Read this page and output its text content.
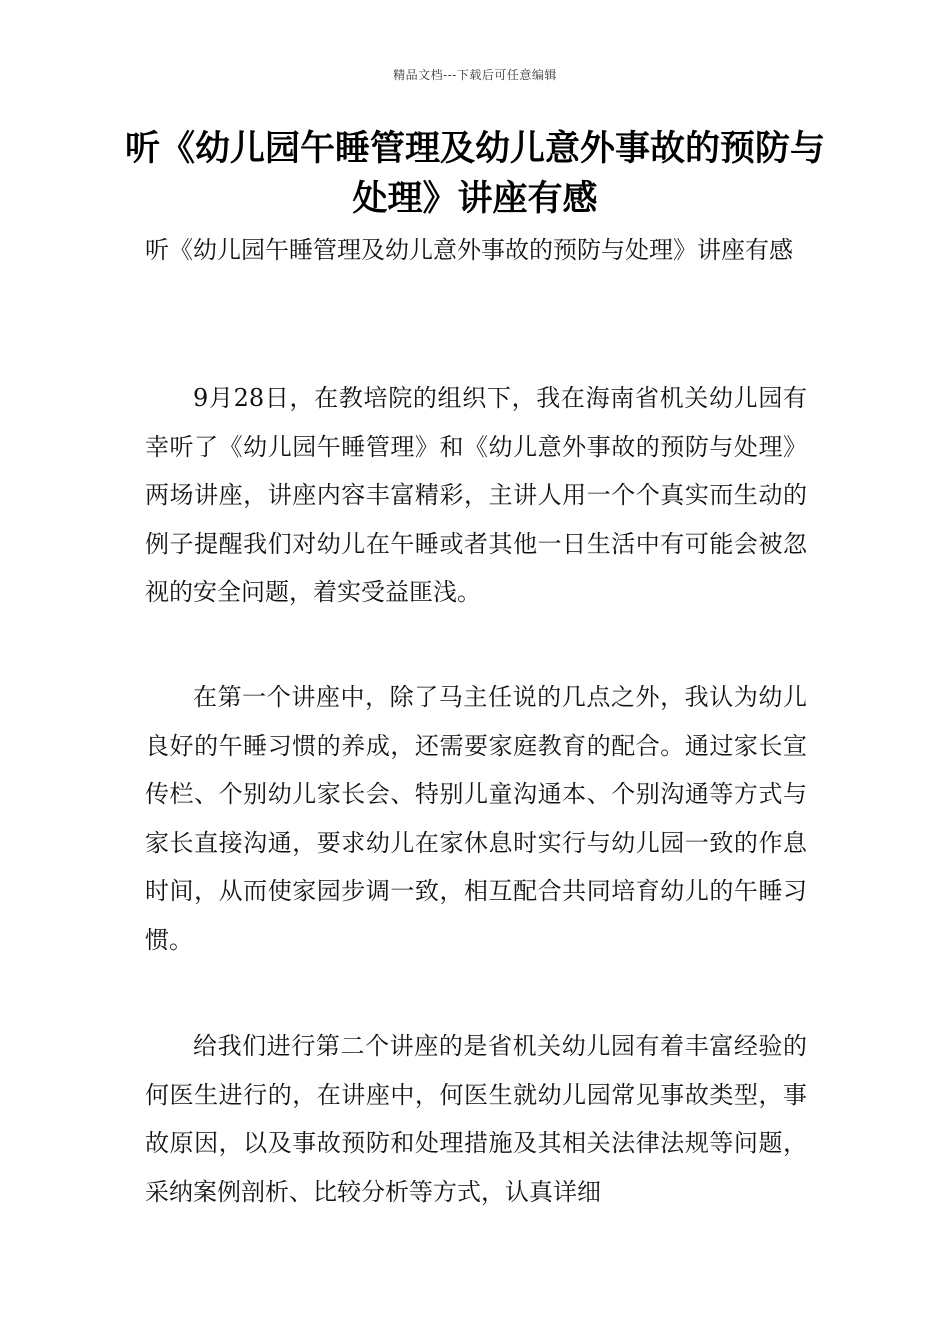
精品文档---下载后可任意编辑
听《幼儿园午睡管理及幼儿意外事故的预防与处理》讲座有感

听《幼儿园午睡管理及幼儿意外事故的预防与处理》讲座有感

9月28日，在教培院的组织下，我在海南省机关幼儿园有幸听了《幼儿园午睡管理》和《幼儿意外事故的预防与处理》两场讲座，讲座内容丰富精彩，主讲人用一个个真实而生动的例子提醒我们对幼儿在午睡或者其他一日生活中有可能会被忽视的安全问题，着实受益匪浅。

在第一个讲座中，除了马主任说的几点之外，我认为幼儿良好的午睡习惯的养成，还需要家庭教育的配合。通过家长宣传栏、个别幼儿家长会、特别儿童沟通本、个别沟通等方式与家长直接沟通，要求幼儿在家休息时实行与幼儿园一致的作息时间，从而使家园步调一致，相互配合共同培育幼儿的午睡习惯。

给我们进行第二个讲座的是省机关幼儿园有着丰富经验的何医生进行的，在讲座中，何医生就幼儿园常见事故类型，事故原因，以及事故预防和处理措施及其相关法律法规等问题，采纳案例剖析、比较分析等方式，认真详细
